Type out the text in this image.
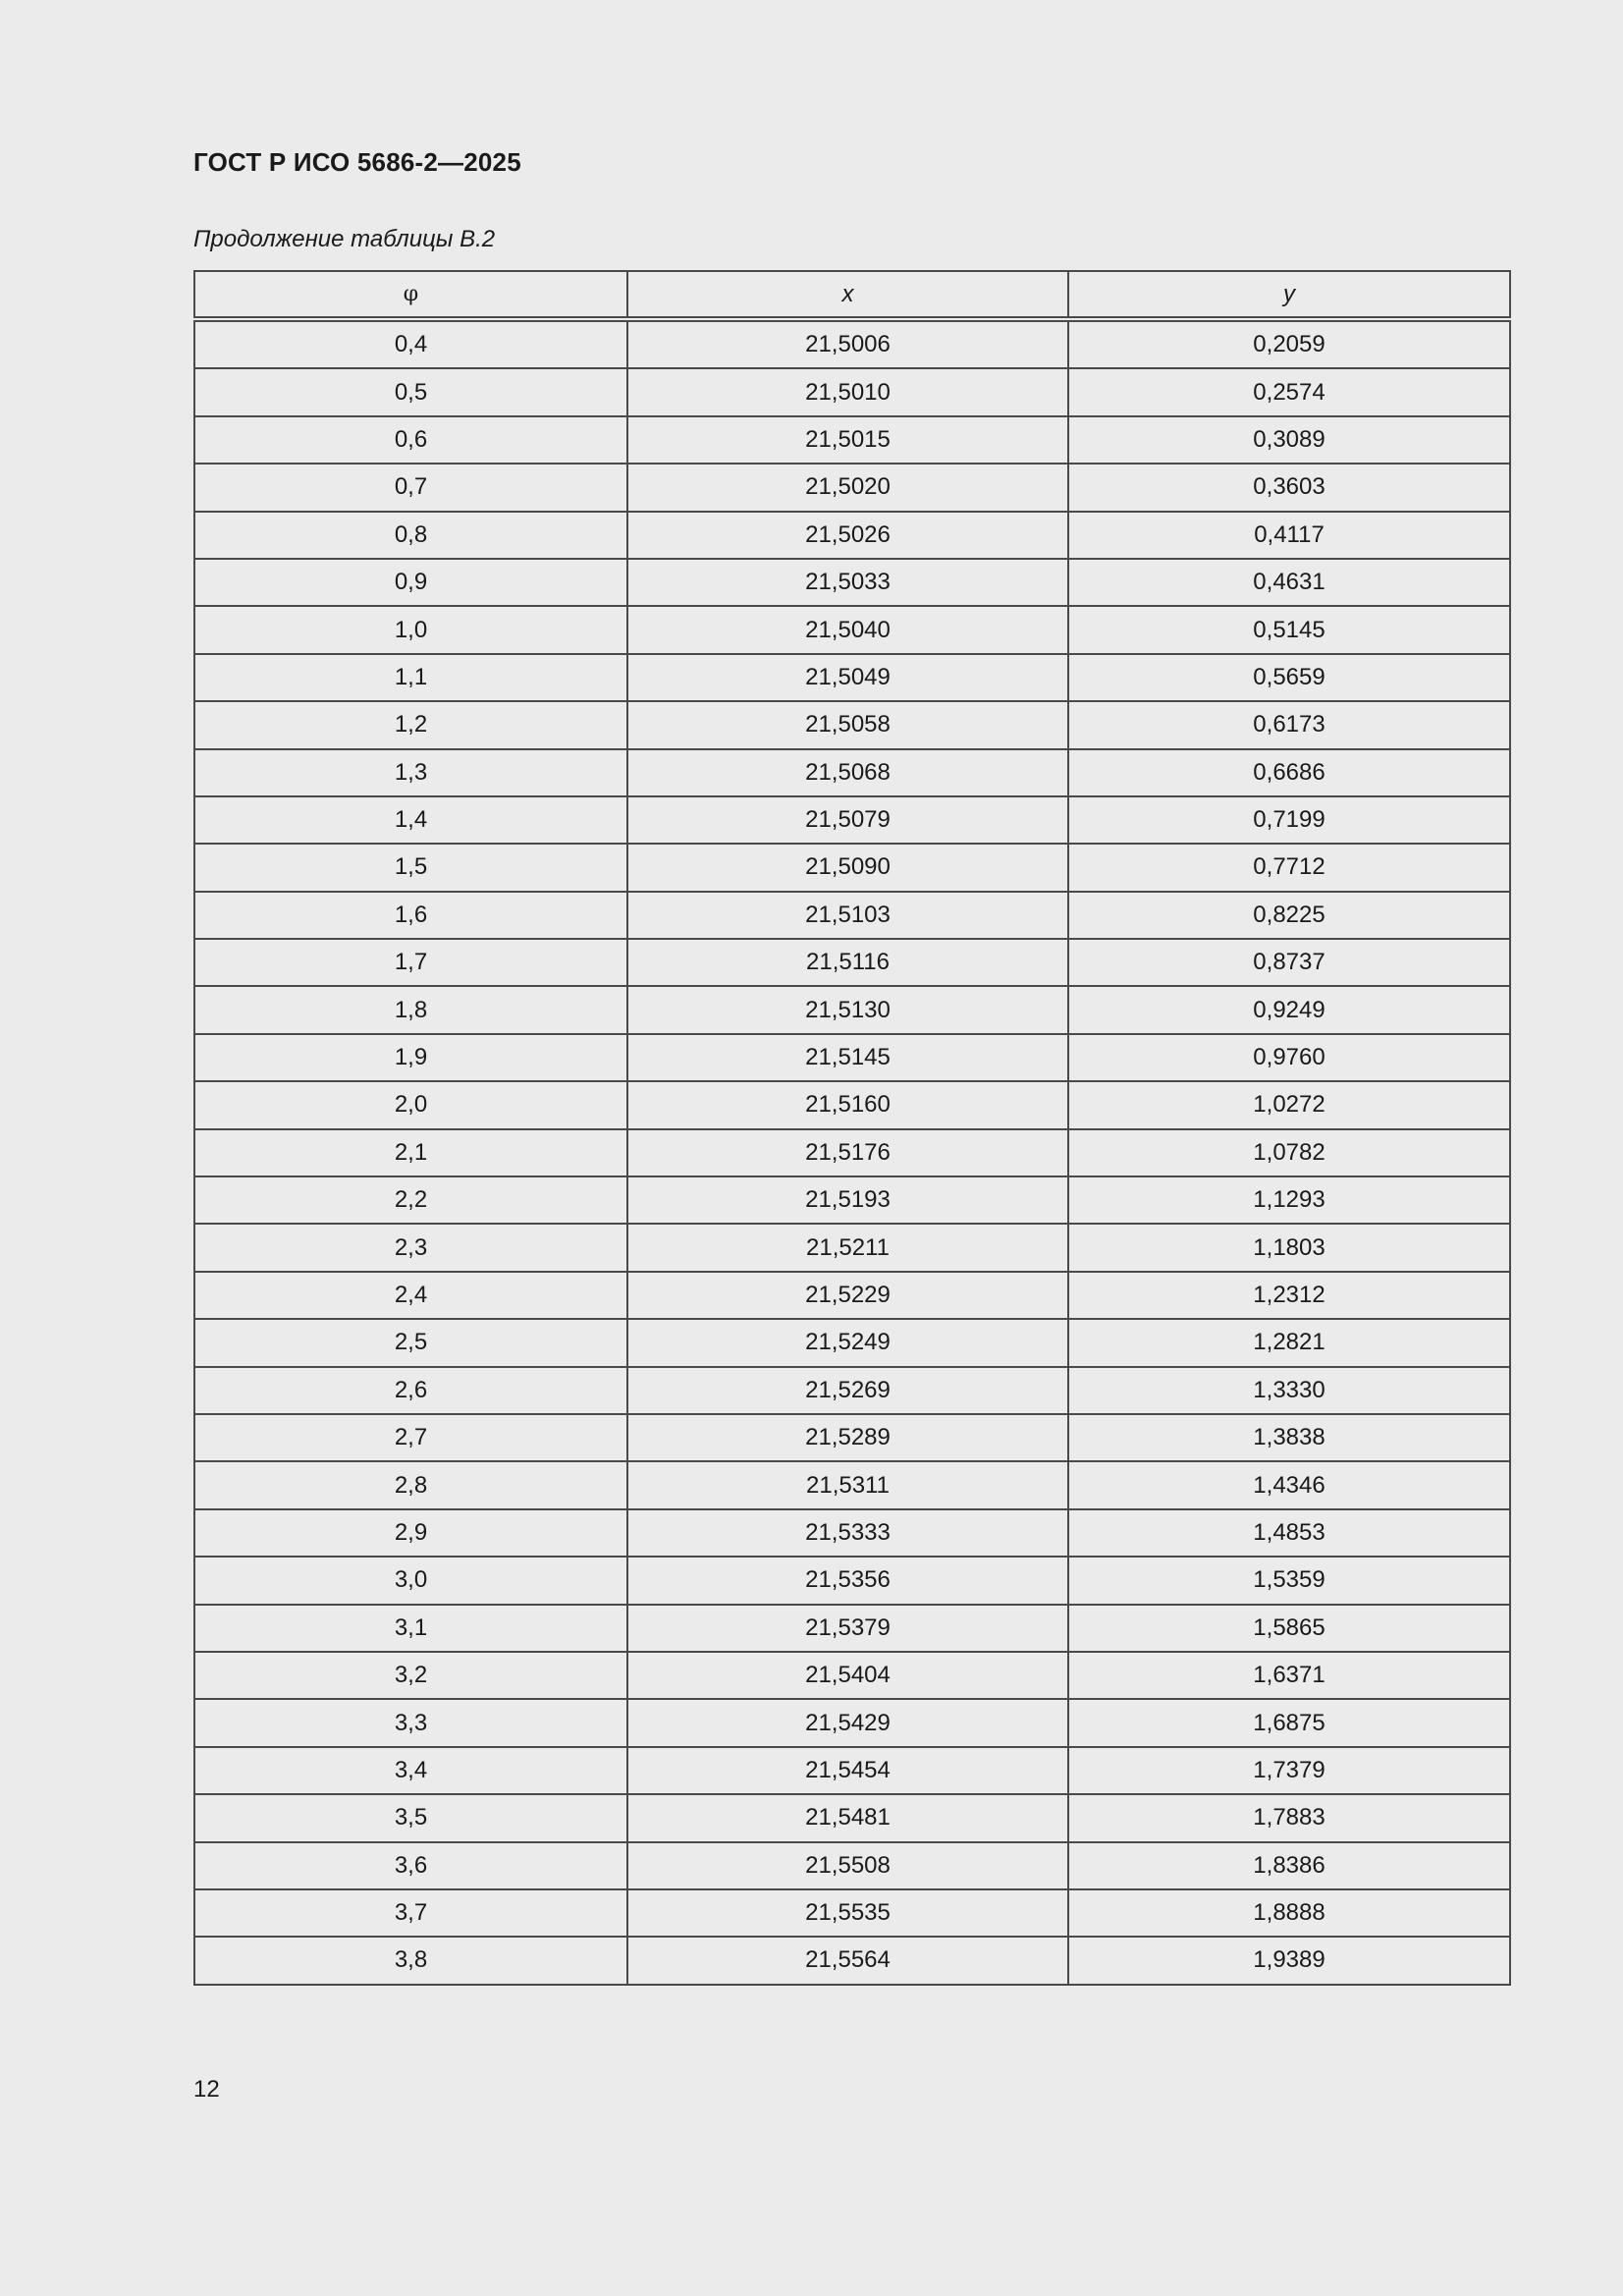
ГОСТ Р ИСО 5686-2—2025

Продолжение таблицы В.2

φ	x	y
0,4	21,5006	0,2059
0,5	21,5010	0,2574
0,6	21,5015	0,3089
0,7	21,5020	0,3603
0,8	21,5026	0,4117
0,9	21,5033	0,4631
1,0	21,5040	0,5145
1,1	21,5049	0,5659
1,2	21,5058	0,6173
1,3	21,5068	0,6686
1,4	21,5079	0,7199
1,5	21,5090	0,7712
1,6	21,5103	0,8225
1,7	21,5116	0,8737
1,8	21,5130	0,9249
1,9	21,5145	0,9760
2,0	21,5160	1,0272
2,1	21,5176	1,0782
2,2	21,5193	1,1293
2,3	21,5211	1,1803
2,4	21,5229	1,2312
2,5	21,5249	1,2821
2,6	21,5269	1,3330
2,7	21,5289	1,3838
2,8	21,5311	1,4346
2,9	21,5333	1,4853
3,0	21,5356	1,5359
3,1	21,5379	1,5865
3,2	21,5404	1,6371
3,3	21,5429	1,6875
3,4	21,5454	1,7379
3,5	21,5481	1,7883
3,6	21,5508	1,8386
3,7	21,5535	1,8888
3,8	21,5564	1,9389

12
